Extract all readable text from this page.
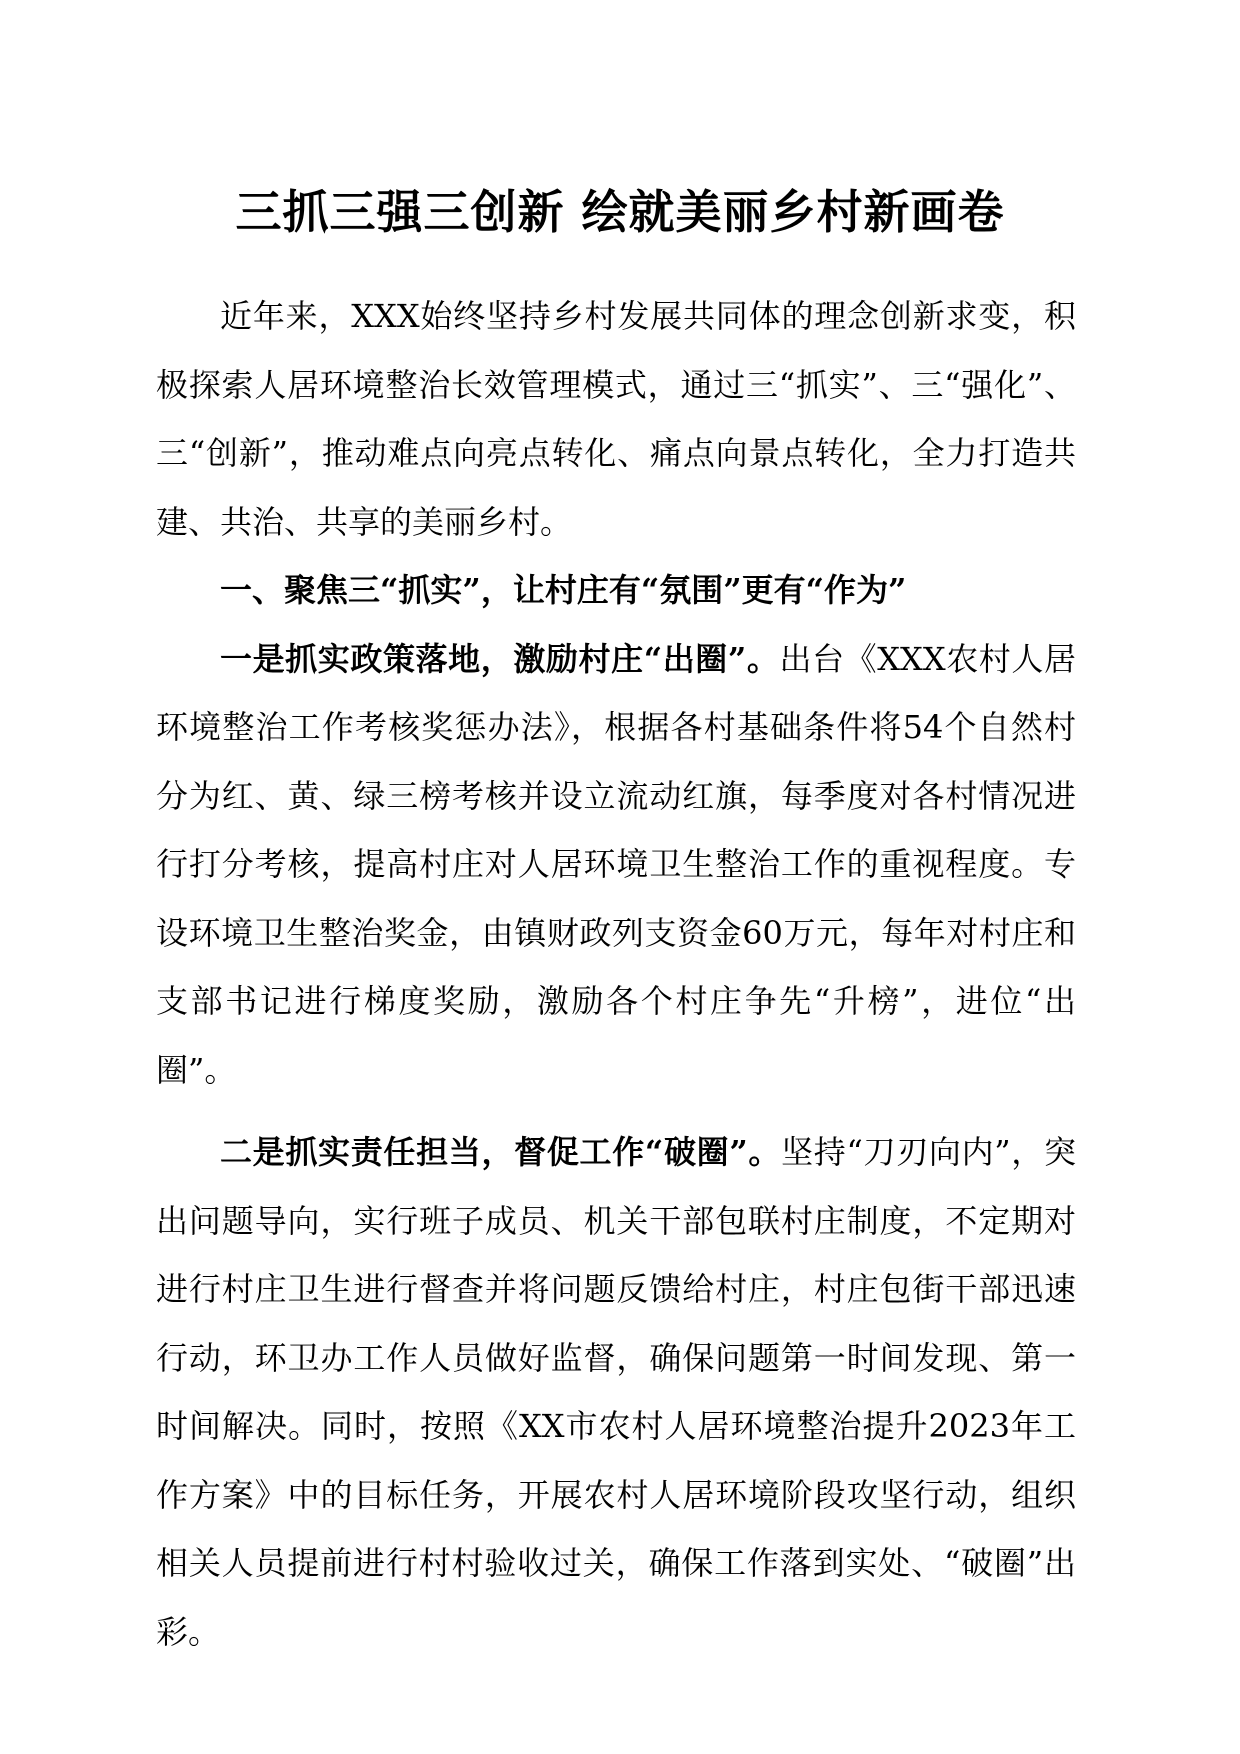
三抓三强三创新 绘就美丽乡村新画卷

近年来，XXX始终坚持乡村发展共同体的理念创新求变，积极探索人居环境整治长效管理模式，通过三“抓实”、三“强化”、三“创新”，推动难点向亮点转化、痛点向景点转化，全力打造共建、共治、共享的美丽乡村。

一、聚焦三“抓实”，让村庄有“氛围”更有“作为”

一是抓实政策落地，激励村庄“出圈”。出台《XXX农村人居环境整治工作考核奖惩办法》，根据各村基础条件将54个自然村分为红、黄、绿三榜考核并设立流动红旗，每季度对各村情况进行打分考核，提高村庄对人居环境卫生整治工作的重视程度。专设环境卫生整治奖金，由镇财政列支资金60万元，每年对村庄和支部书记进行梯度奖励，激励各个村庄争先“升榜”，进位“出圈”。

二是抓实责任担当，督促工作“破圈”。坚持“刀刃向内”，突出问题导向，实行班子成员、机关干部包联村庄制度，不定期对进行村庄卫生进行督查并将问题反馈给村庄，村庄包街干部迅速行动，环卫办工作人员做好监督，确保问题第一时间发现、第一时间解决。同时，按照《XX市农村人居环境整治提升2023年工作方案》中的目标任务，开展农村人居环境阶段攻坚行动，组织相关人员提前进行村村验收过关，确保工作落到实处、“破圈”出彩。
